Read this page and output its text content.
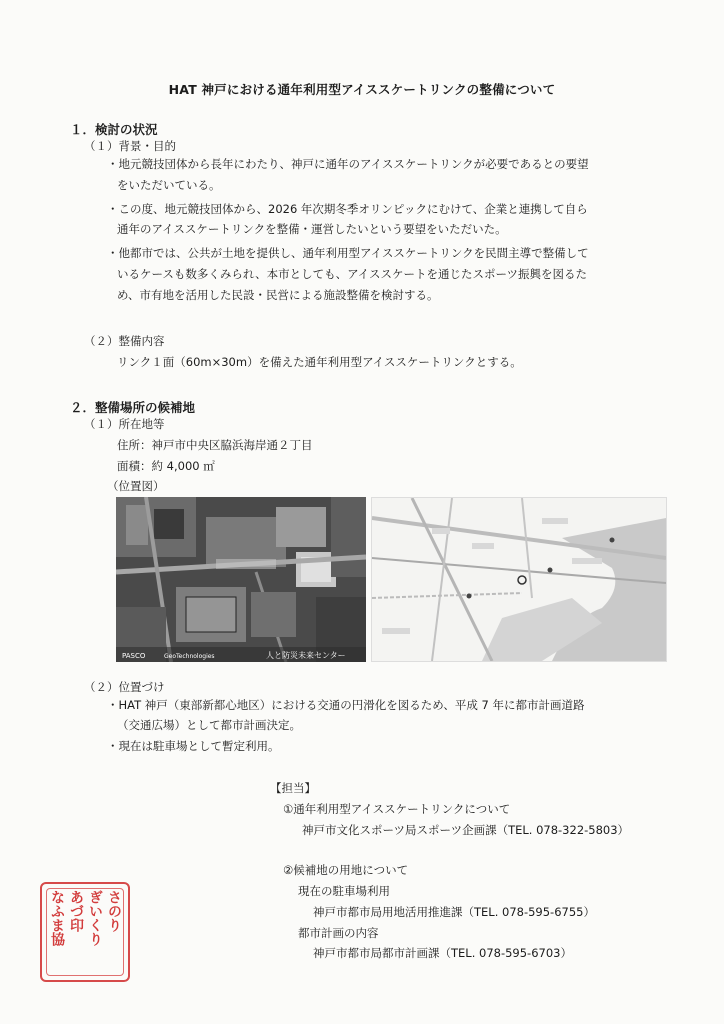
HAT 神戸における通年利用型アイススケートリンクの整備について
１．検討の状況
（１）背景・目的
・地元競技団体から長年にわたり、神戸に通年のアイススケートリンクが必要であるとの要望
をいただいている。
・この度、地元競技団体から、2026 年次期冬季オリンピックにむけて、企業と連携して自ら
通年のアイススケートリンクを整備・運営したいという要望をいただいた。
・他都市では、公共が土地を提供し、通年利用型アイススケートリンクを民間主導で整備して
いるケースも数多くみられ、本市としても、アイススケートを通じたスポーツ振興を図るた
め、市有地を活用した民設・民営による施設整備を検討する。
（２）整備内容
リンク１面（60m×30m）を備えた通年利用型アイススケートリンクとする。
２．整備場所の候補地
（１）所在地等
住所：神戸市中央区脇浜海岸通２丁目
面積：約 4,000 ㎡
（位置図）
PASCO	GeoTechnologies	人と防災未来センター
（２）位置づけ
・HAT 神戸（東部新都心地区）における交通の円滑化を図るため、平成 7 年に都市計画道路
（交通広場）として都市計画決定。
・現在は駐車場として暫定利用。
【担当】
①通年利用型アイススケートリンクについて
神戸市文化スポーツ局スポーツ企画課（TEL. 078-322-5803）
②候補地の用地について
現在の駐車場利用
神戸市都市局用地活用推進課（TEL. 078-595-6755）
都市計画の内容
神戸市都市局都市計画課（TEL. 078-595-6703）
さのり
ぎいくり
あづ印
なふま協
